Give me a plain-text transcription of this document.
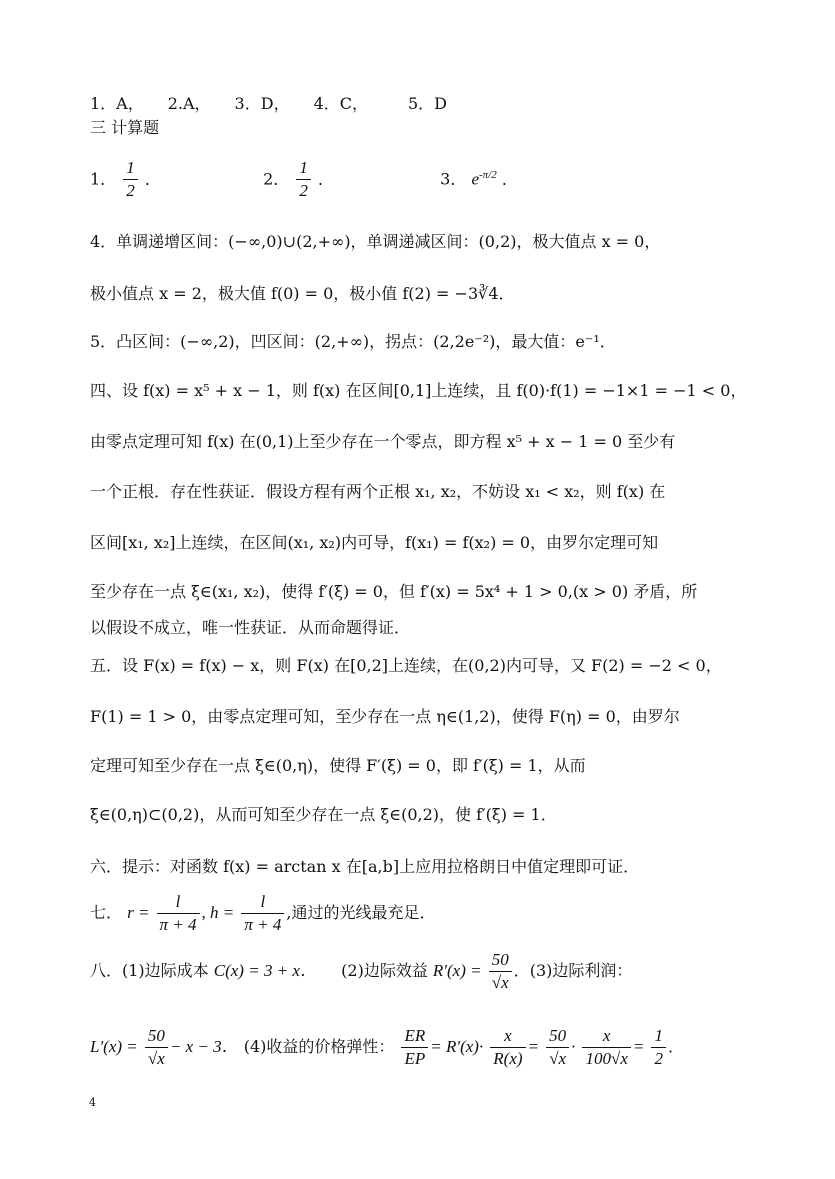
1．A，　　2.A，　　3．D，　　4．C，　　　5．D
三 计算题
1． $\frac{1}{2}$ ．	2． $\frac{1}{2}$ ．	3． $e^{-\pi/2}$ ．
4．单调递增区间：(−∞,0)∪(2,+∞)，单调递减区间：(0,2)，极大值点 x = 0，
极小值点 x = 2，极大值 f(0) = 0，极小值 f(2) = −3∛4．
5．凸区间：(−∞,2)，凹区间：(2,+∞)，拐点：(2,2e⁻²)，最大值：e⁻¹．
四、设 f(x) = x⁵ + x − 1，则 f(x) 在区间[0,1]上连续，且 f(0)·f(1) = −1×1 = −1 < 0，
由零点定理可知 f(x) 在(0,1)上至少存在一个零点，即方程 x⁵ + x − 1 = 0 至少有
一个正根．存在性获证．假设方程有两个正根 x₁, x₂，不妨设 x₁ < x₂，则 f(x) 在
区间[x₁, x₂]上连续，在区间(x₁, x₂)内可导，f(x₁) = f(x₂) = 0，由罗尔定理可知
至少存在一点 ξ∈(x₁, x₂)，使得 f′(ξ) = 0，但 f′(x) = 5x⁴ + 1 > 0,(x > 0) 矛盾，所
以假设不成立，唯一性获证．从而命题得证．
五．设 F(x) = f(x) − x，则 F(x) 在[0,2]上连续，在(0,2)内可导，又 F(2) = −2 < 0，
F(1) = 1 > 0，由零点定理可知，至少存在一点 η∈(1,2)，使得 F(η) = 0，由罗尔
定理可知至少存在一点 ξ∈(0,η)，使得 F′(ξ) = 0，即 f′(ξ) = 1，从而
ξ∈(0,η)⊂(0,2)，从而可知至少存在一点 ξ∈(0,2)，使 f′(ξ) = 1．
六．提示：对函数 f(x) = arctan x 在[a,b]上应用拉格朗日中值定理即可证．
七． $r = \frac{l}{\pi + 4}$ , $h = \frac{l}{\pi + 4}$ ,通过的光线最充足．
八．(1)边际成本 C(x) = 3 + x． (2)边际效益 $R'(x) = \frac{50}{√x}$ ．(3)边际利润：
$L'(x) = \frac{50}{√x} - x - 3$． (4)收益的价格弹性： $\frac{ER}{EP} = R'(x)\cdot \frac{x}{R(x)} = \frac{50}{√x} \cdot \frac{x}{100√x} = \frac{1}{2}$ ．
4
